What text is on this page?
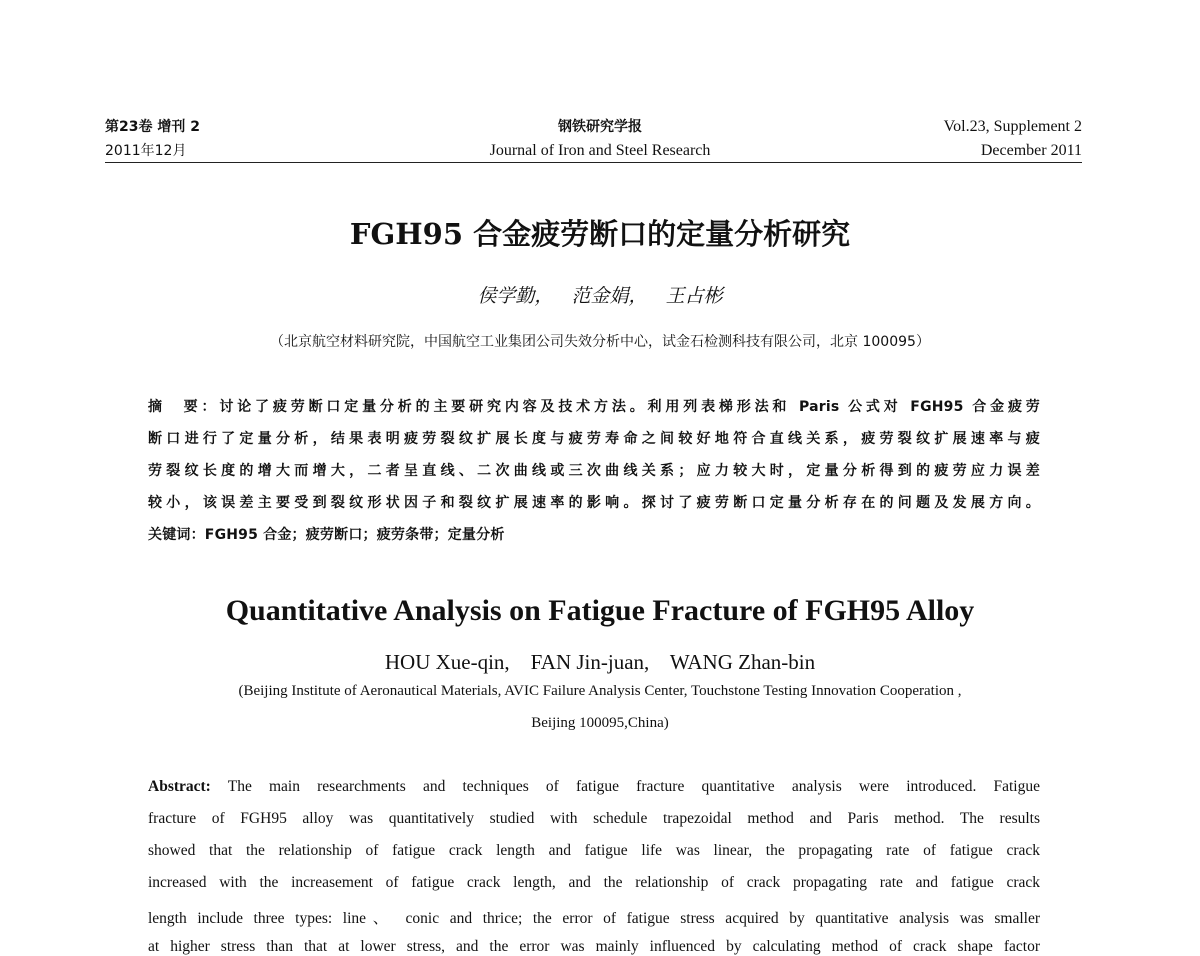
第23卷 增刊 2
2011年12月
钢铁研究学报
Journal of Iron and Steel Research
Vol.23, Supplement 2
December 2011
FGH95 合金疲劳断口的定量分析研究
侯学勤，   范金娟，   王占彬
（北京航空材料研究院，中国航空工业集团公司失效分析中心，试金石检测科技有限公司，北京 100095）
摘　要：讨论了疲劳断口定量分析的主要研究内容及技术方法。利用列表梯形法和 Paris 公式对 FGH95 合金疲劳
断口进行了定量分析，结果表明疲劳裂纹扩展长度与疲劳寿命之间较好地符合直线关系，疲劳裂纹扩展速率与疲
劳裂纹长度的增大而增大，二者呈直线、二次曲线或三次曲线关系；应力较大时，定量分析得到的疲劳应力误差
较小，该误差主要受到裂纹形状因子和裂纹扩展速率的影响。探讨了疲劳断口定量分析存在的问题及发展方向。
关键词：FGH95 合金；疲劳断口；疲劳条带；定量分析
Quantitative Analysis on Fatigue Fracture of FGH95 Alloy
HOU Xue-qin,    FAN Jin-juan,    WANG Zhan-bin
(Beijing Institute of Aeronautical Materials, AVIC Failure Analysis Center, Touchstone Testing Innovation Cooperation ,
Beijing 100095,China)
Abstract: The main researchments and techniques of fatigue fracture quantitative analysis were introduced. Fatigue
fracture of FGH95 alloy was quantitatively studied with schedule trapezoidal method and Paris method. The results
showed that the relationship of fatigue crack length and fatigue life was linear, the propagating rate of fatigue crack
increased with the increasement of fatigue crack length, and the relationship of crack propagating rate and fatigue crack
length include three types: line、 conic and thrice; the error of fatigue stress acquired by quantitative analysis was smaller
at higher stress than that at lower stress, and the error was mainly influenced by calculating method of crack shape factor
